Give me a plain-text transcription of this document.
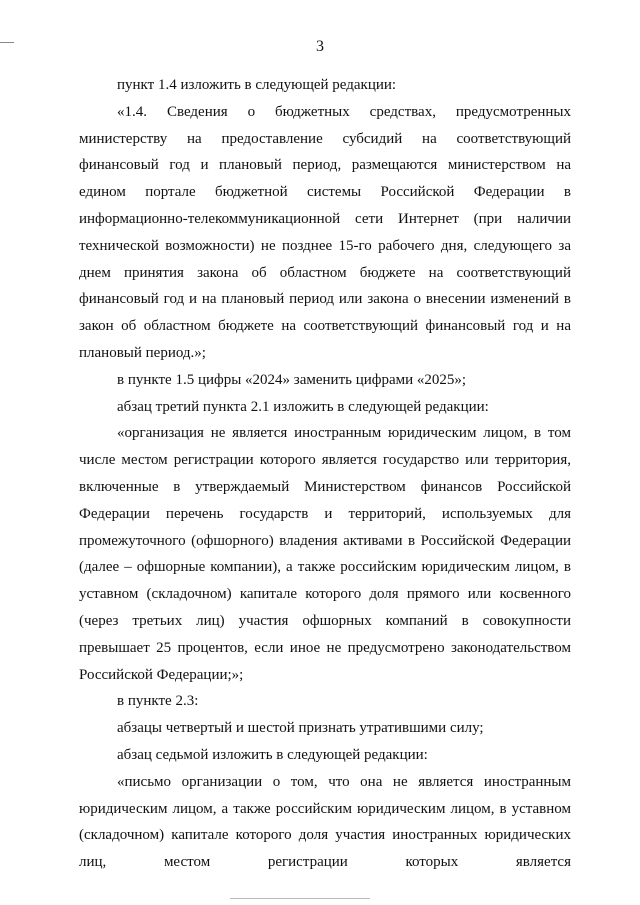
3

пункт 1.4 изложить в следующей редакции:

«1.4. Сведения о бюджетных средствах, предусмотренных министерству на предоставление субсидий на соответствующий финансовый год и плановый период, размещаются министерством на едином портале бюджетной системы Российской Федерации в информационно-телекоммуникационной сети Интернет (при наличии технической возможности) не позднее 15-го рабочего дня, следующего за днем принятия закона об областном бюджете на соответствующий финансовый год и на плановый период или закона о внесении изменений в закон об областном бюджете на соответствующий финансовый год и на плановый период.»;

в пункте 1.5 цифры «2024» заменить цифрами «2025»;

абзац третий пункта 2.1 изложить в следующей редакции:

«организация не является иностранным юридическим лицом, в том числе местом регистрации которого является государство или территория, включенные в утверждаемый Министерством финансов Российской Федерации перечень государств и территорий, используемых для промежуточного (офшорного) владения активами в Российской Федерации (далее – офшорные компании), а также российским юридическим лицом, в уставном (складочном) капитале которого доля прямого или косвенного (через третьих лиц) участия офшорных компаний в совокупности превышает 25 процентов, если иное не предусмотрено законодательством Российской Федерации;»;

в пункте 2.3:

абзацы четвертый и шестой признать утратившими силу;

абзац седьмой изложить в следующей редакции:

«письмо организации о том, что она не является иностранным юридическим лицом, а также российским юридическим лицом, в уставном (складочном) капитале которого доля участия иностранных юридических лиц, местом регистрации которых является
